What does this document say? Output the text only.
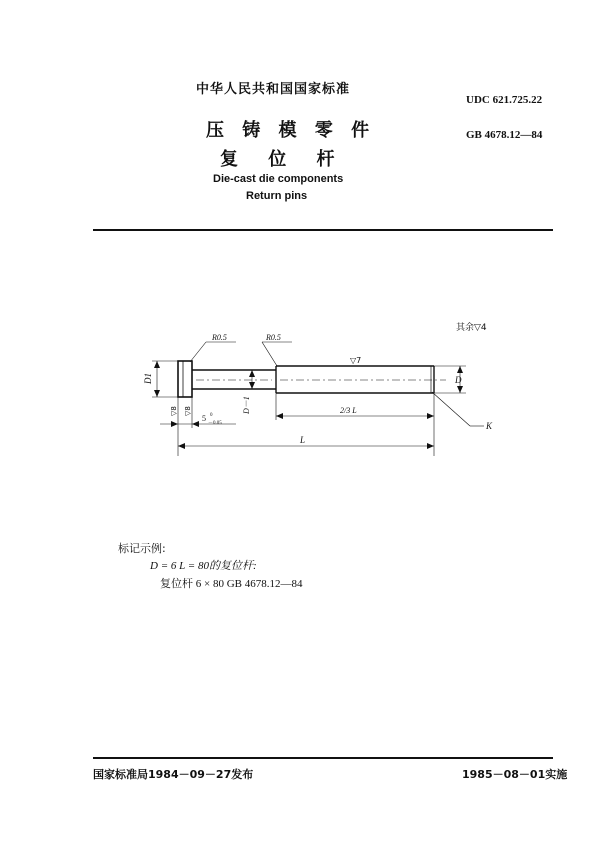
中华人民共和国国家标准
UDC 621.725.22
压 铸 模 零 件	GB 4678.12—84
复 位 杆
Die-cast die components
Return pins
其余▽4
R0.5	R0.5
▽7
D1	D
D－1
▽8 ▽8
5 0
－0.05
2/3 L
L
K
标记示例:
D = 6 L = 80的复位杆:
复位杆 6 × 80 GB 4678.12—84
国家标准局1984－09－27发布	1985－08－01实施
